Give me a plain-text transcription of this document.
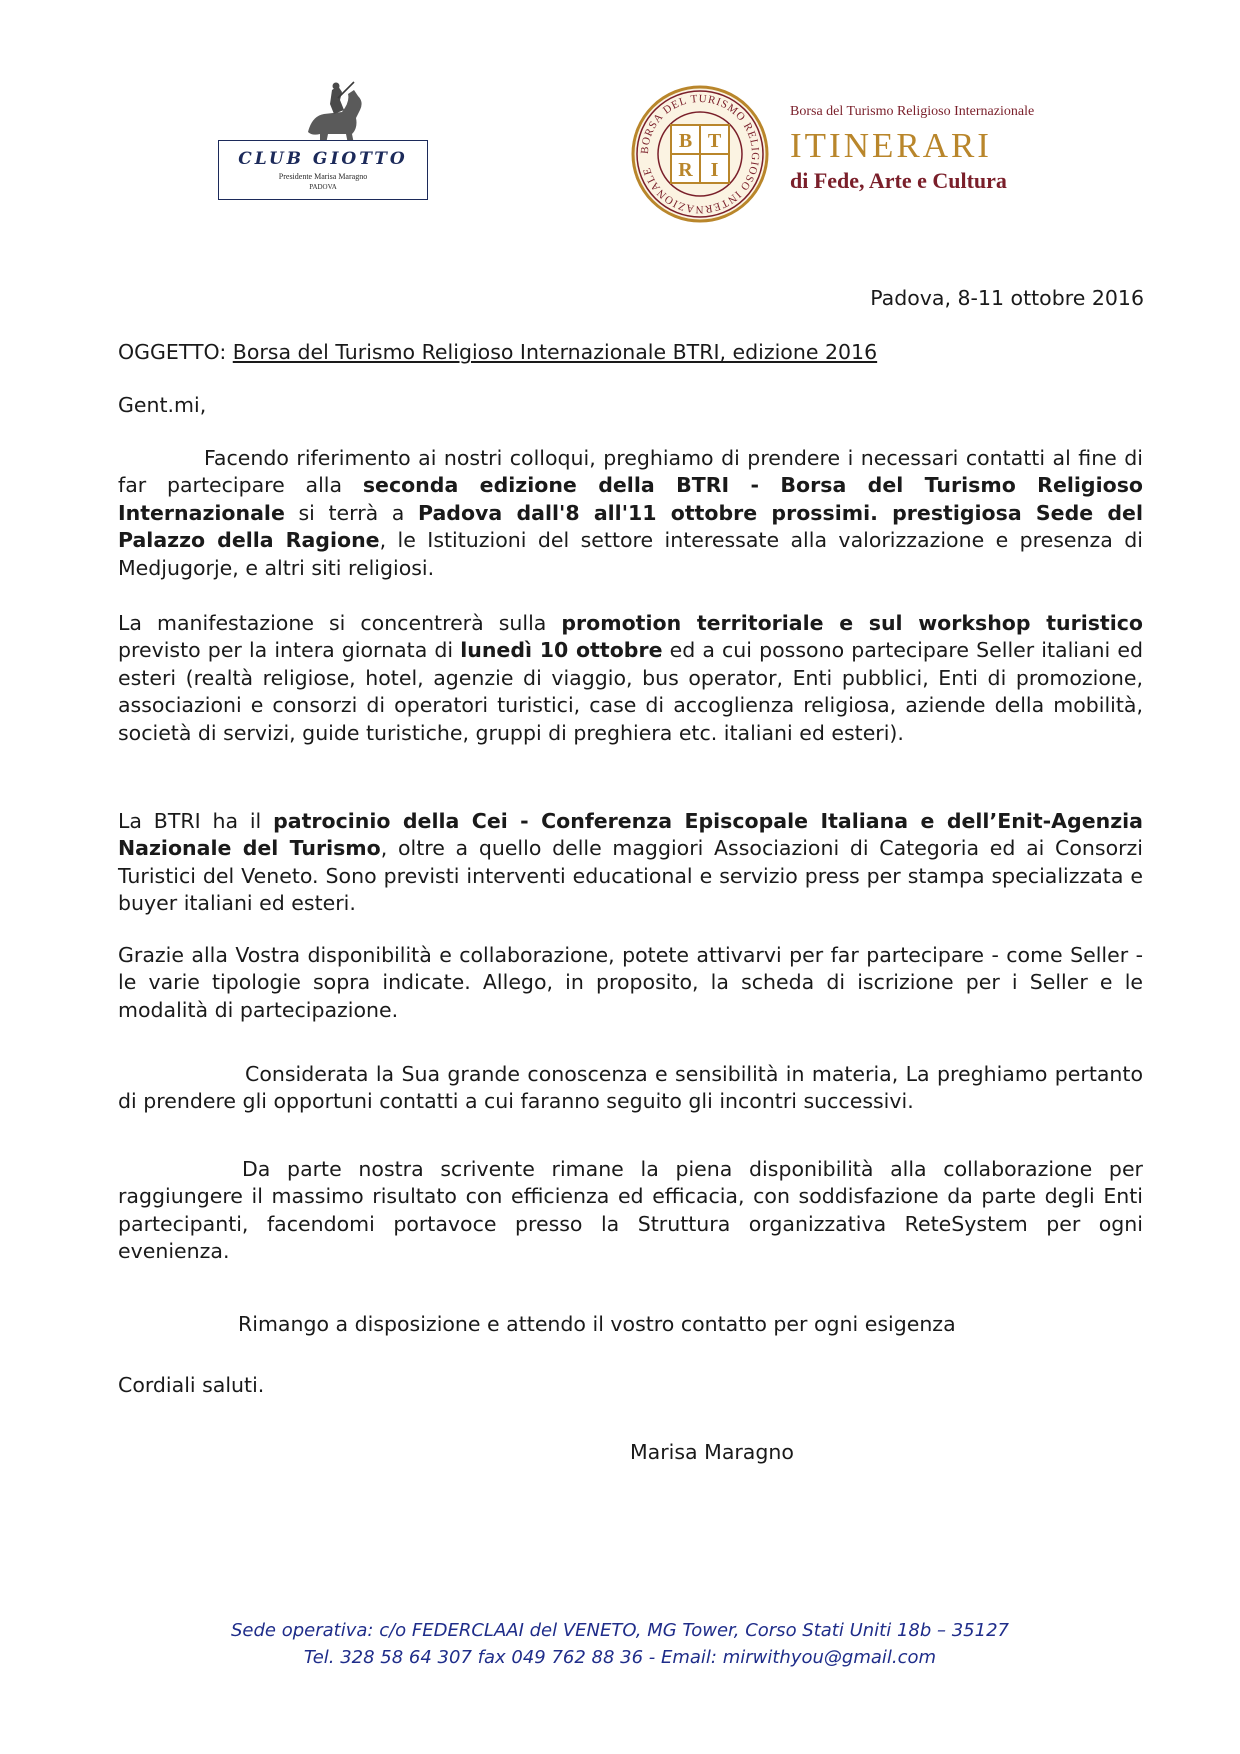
CLUB GIOTTO
Presidente Marisa Maragno
PADOVA
BORSA DEL TURISMO RELIGIOSO INTERNAZIONALE
B T
R I
Borsa del Turismo Religioso Internazionale
ITINERARI
di Fede, Arte e Cultura
Padova, 8-11 ottobre 2016
OGGETTO: Borsa del Turismo Religioso Internazionale BTRI, edizione 2016
Gent.mi,
Facendo riferimento ai nostri colloqui, preghiamo di prendere i necessari contatti al fine di far partecipare alla seconda edizione della BTRI - Borsa del Turismo Religioso Internazionale si terrà a Padova dall'8 all'11 ottobre prossimi. prestigiosa Sede del Palazzo della Ragione, le Istituzioni del settore interessate alla valorizzazione e presenza di Medjugorje, e altri siti religiosi.
La manifestazione si concentrerà sulla promotion territoriale e sul workshop turistico previsto per la intera giornata di lunedì 10 ottobre ed a cui possono partecipare Seller italiani ed esteri (realtà religiose, hotel, agenzie di viaggio, bus operator, Enti pubblici, Enti di promozione, associazioni e consorzi di operatori turistici, case di accoglienza religiosa, aziende della mobilità, società di servizi, guide turistiche, gruppi di preghiera etc. italiani ed esteri).
La BTRI ha il patrocinio della Cei - Conferenza Episcopale Italiana e dell’Enit-Agenzia Nazionale del Turismo, oltre a quello delle maggiori Associazioni di Categoria ed ai Consorzi Turistici del Veneto. Sono previsti interventi educational e servizio press per stampa specializzata e buyer italiani ed esteri.
Grazie alla Vostra disponibilità e collaborazione, potete attivarvi per far partecipare - come Seller - le varie tipologie sopra indicate. Allego, in proposito, la scheda di iscrizione per i Seller e le modalità di partecipazione.
Considerata la Sua grande conoscenza e sensibilità in materia, La preghiamo pertanto di prendere gli opportuni contatti a cui faranno seguito gli incontri successivi.
Da parte nostra scrivente rimane la piena disponibilità alla collaborazione per raggiungere il massimo risultato con efficienza ed efficacia, con soddisfazione da parte degli Enti partecipanti, facendomi portavoce presso la Struttura organizzativa ReteSystem per ogni evenienza.
Rimango a disposizione e attendo il vostro contatto per ogni esigenza
Cordiali saluti.
Marisa Maragno
Sede operativa: c/o FEDERCLAAI del VENETO, MG Tower, Corso Stati Uniti 18b – 35127
Tel. 328 58 64 307 fax 049 762 88 36 - Email: mirwithyou@gmail.com
